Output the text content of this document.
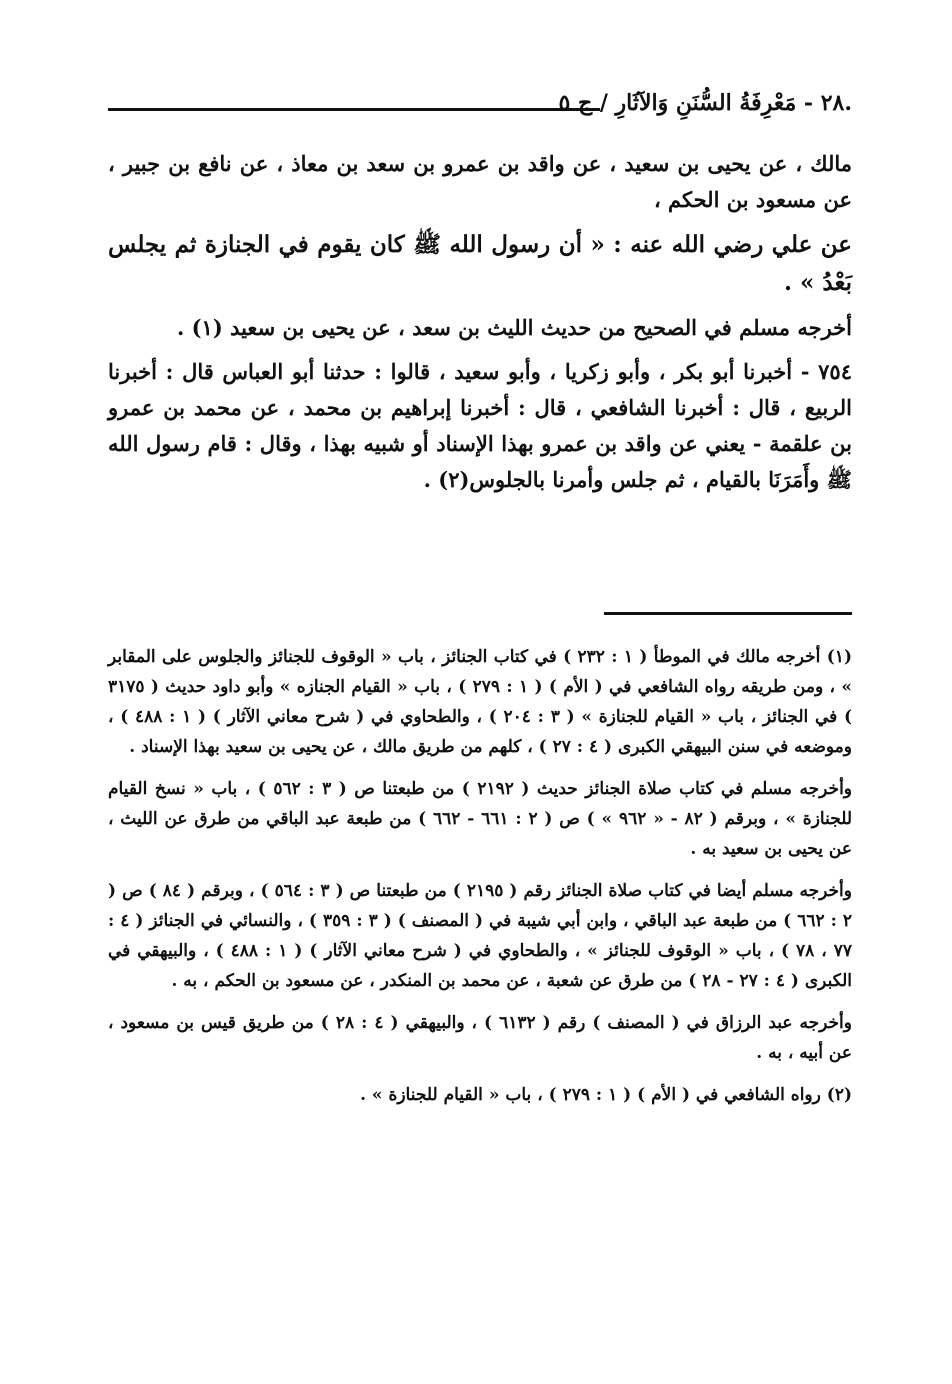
.٢٨ - مَعْرِفَةُ السُّنَنِ وَالآثَارِ / ج ٥

مالك ، عن يحيى بن سعيد ، عن واقد بن عمرو بن سعد بن معاذ ، عن نافع بن جبير ، عن مسعود بن الحكم ،

عن علي رضي الله عنه : « أن رسول الله ﷺ كان يقوم في الجنازة ثم يجلس بَعْدُ » .

أخرجه مسلم في الصحيح من حديث الليث بن سعد ، عن يحيى بن سعيد (١) .

٧٥٤ - أخبرنا أبو بكر ، وأبو زكريا ، وأبو سعيد ، قالوا : حدثنا أبو العباس قال : أخبرنا الربيع ، قال : أخبرنا الشافعي ، قال : أخبرنا إبراهيم بن محمد ، عن محمد بن عمرو بن علقمة - يعني عن واقد بن عمرو بهذا الإسناد أو شبيه بهذا ، وقال : قام رسول الله ﷺ وأَمَرَنَا بالقيام ، ثم جلس وأمرنا بالجلوس(٢) .

(١) أخرجه مالك في الموطأ ( ١ : ٢٣٢ ) في كتاب الجنائز ، باب « الوقوف للجنائز والجلوس على المقابر » ، ومن طريقه رواه الشافعي في ( الأم ) ( ١ : ٢٧٩ ) ، باب « القيام الجنازه » وأبو داود حديث ( ٣١٧٥ ) في الجنائز ، باب « القيام للجنازة » ( ٣ : ٢٠٤ ) ، والطحاوي في ( شرح معاني الآثار ) ( ١ : ٤٨٨ ) ، وموضعه في سنن البيهقي الكبرى ( ٤ : ٢٧ ) ، كلهم من طريق مالك ، عن يحيى بن سعيد بهذا الإسناد .

وأخرجه مسلم في كتاب صلاة الجنائز حديث ( ٢١٩٢ ) من طبعتنا ص ( ٣ : ٥٦٢ ) ، باب « نسخ القيام للجنازة » ، وبرقم ( ٨٢ - « ٩٦٢ » ) ص ( ٢ : ٦٦١ - ٦٦٢ ) من طبعة عبد الباقي من طرق عن الليث ، عن يحيى بن سعيد به .

وأخرجه مسلم أيضا في كتاب صلاة الجنائز رقم ( ٢١٩٥ ) من طبعتنا ص ( ٣ : ٥٦٤ ) ، وبرقم ( ٨٤ ) ص ( ٢ : ٦٦٢ ) من طبعة عبد الباقي ، وابن أبي شيبة في ( المصنف ) ( ٣ : ٣٥٩ ) ، والنسائي في الجنائز ( ٤ : ٧٧ ، ٧٨ ) ، باب « الوقوف للجنائز » ، والطحاوي في ( شرح معاني الآثار ) ( ١ : ٤٨٨ ) ، والبيهقي في الكبرى ( ٤ : ٢٧ - ٢٨ ) من طرق عن شعبة ، عن محمد بن المنكدر ، عن مسعود بن الحكم ، به .

وأخرجه عبد الرزاق في ( المصنف ) رقم ( ٦١٣٢ ) ، والبيهقي ( ٤ : ٢٨ ) من طريق قيس بن مسعود ، عن أبيه ، به .

(٢) رواه الشافعي في ( الأم ) ( ١ : ٢٧٩ ) ، باب « القيام للجنازة » .
